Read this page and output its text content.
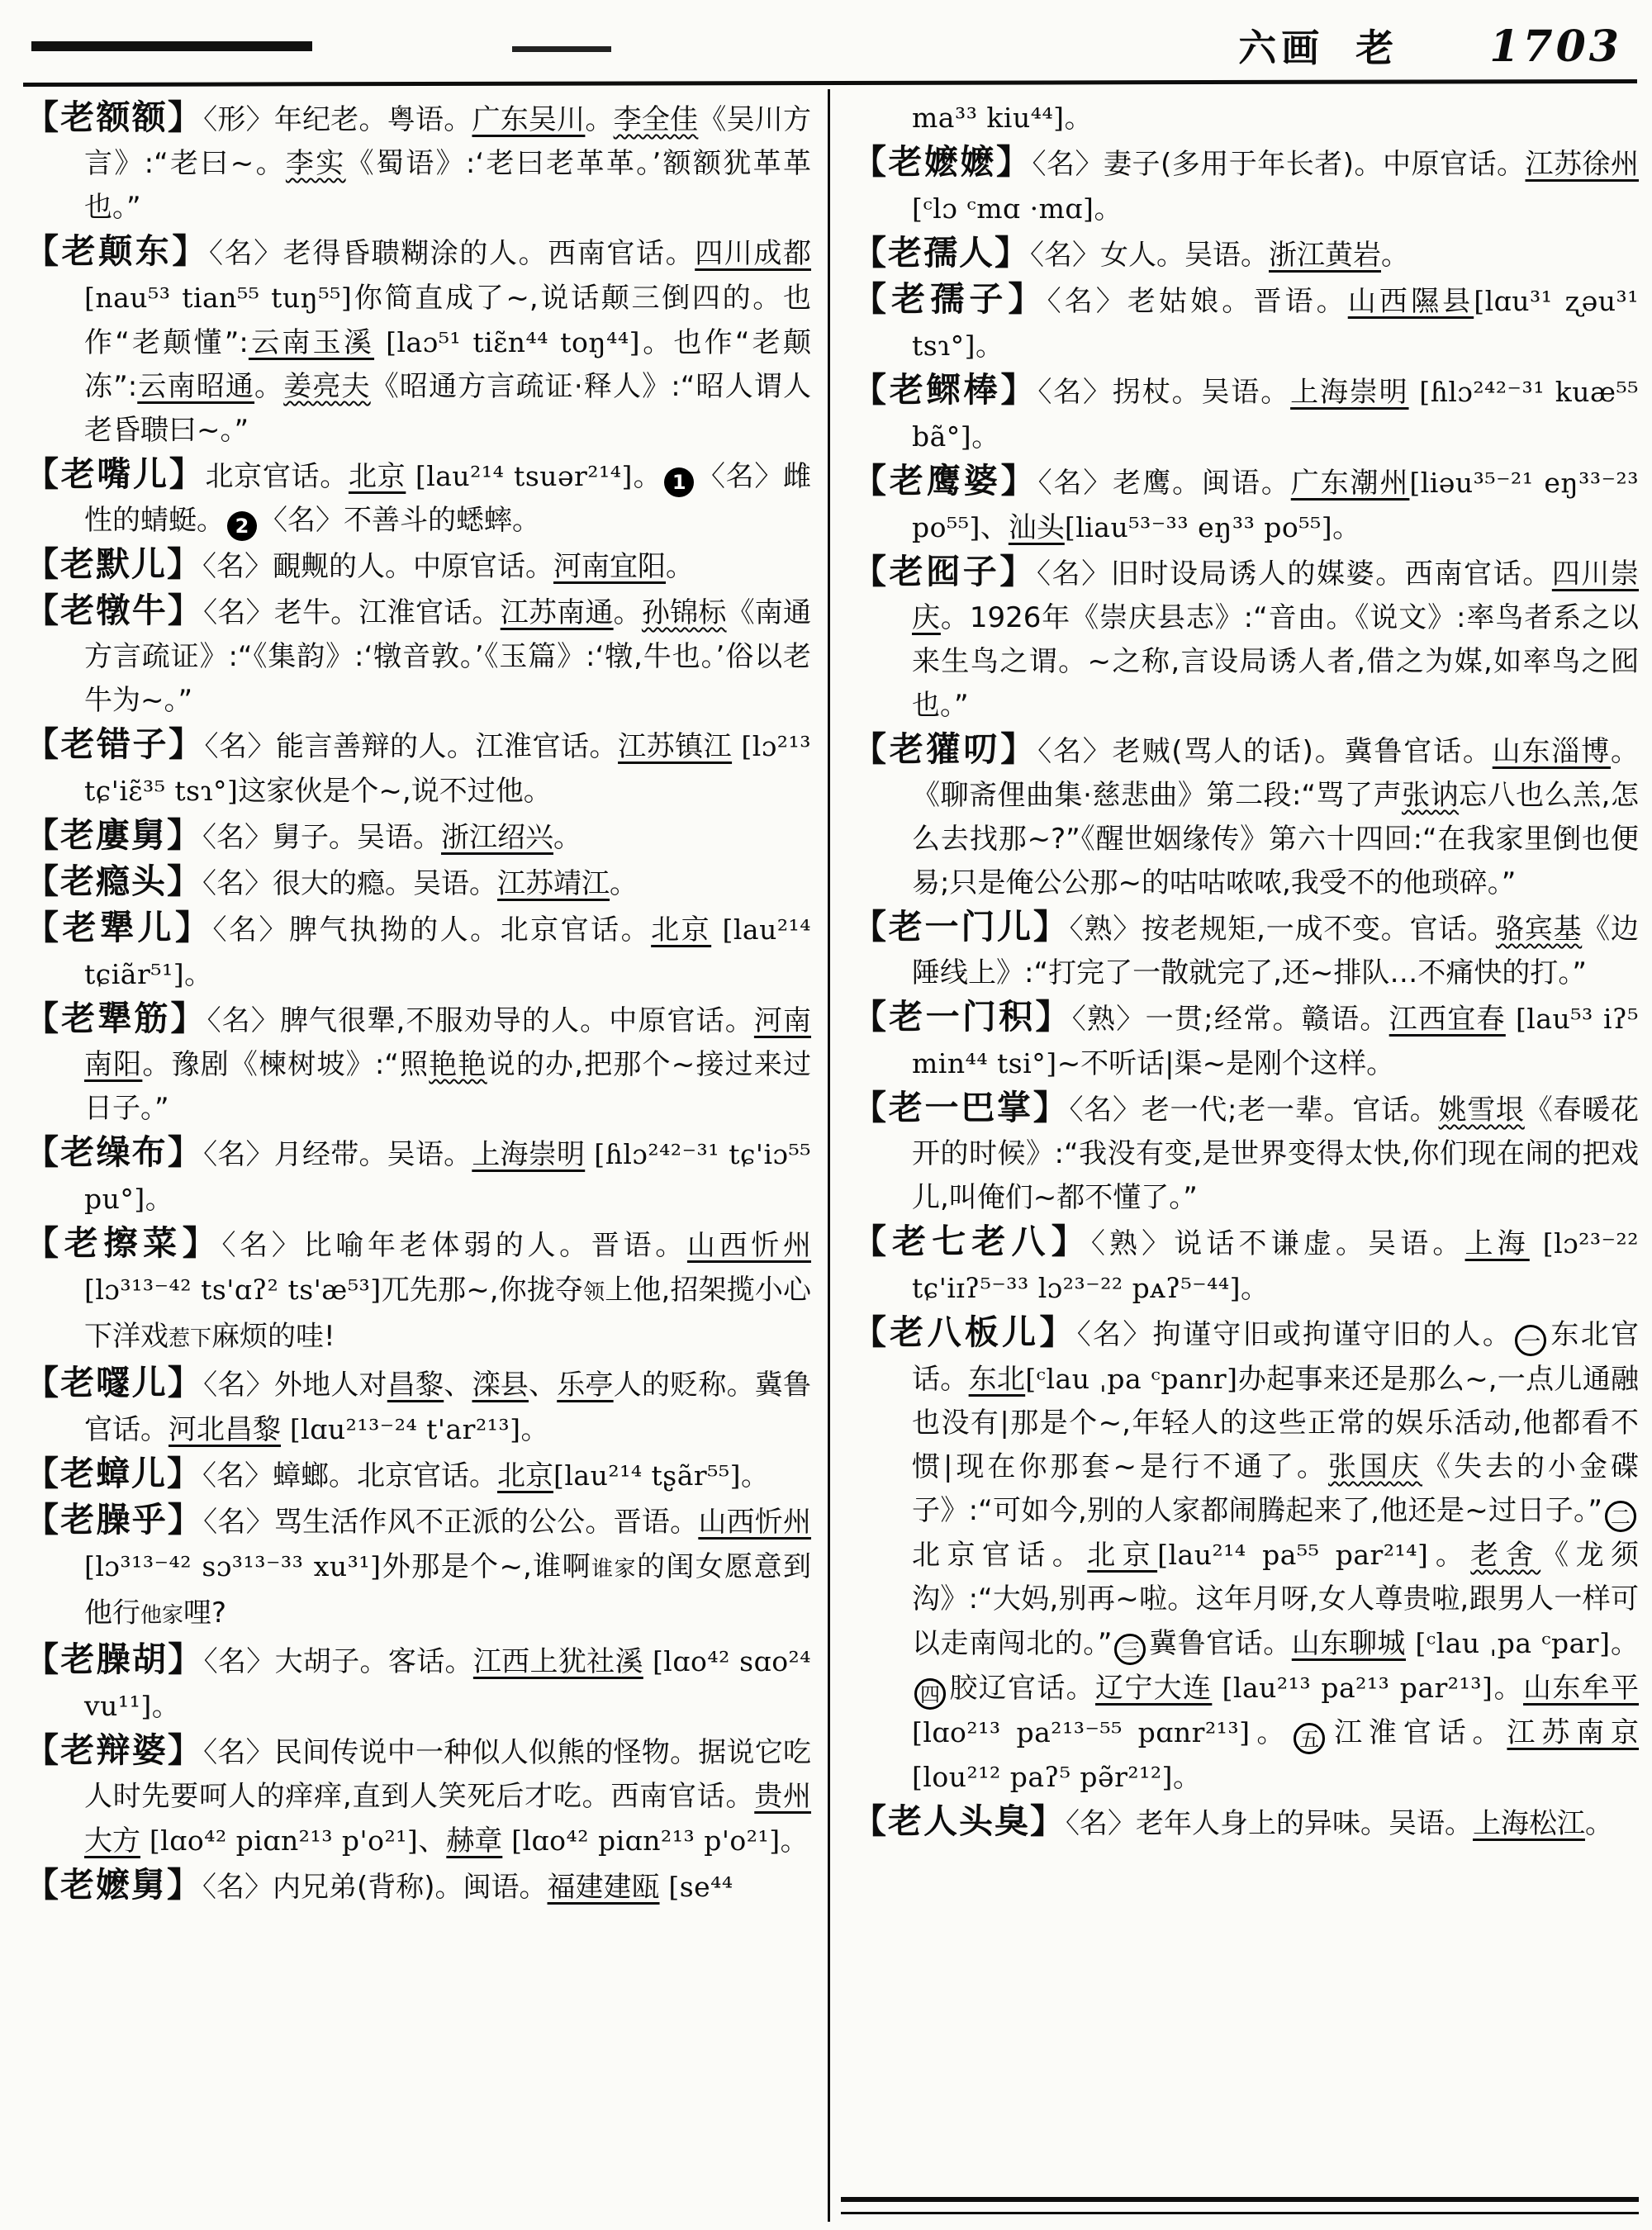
六画 老 1703
【老额额】〈形〉年纪老。粤语。广东吴川。李全佳《吴川方言》:“老曰~。李实《蜀语》:‘老曰老革革。’额额犹革革也。”
【老颠东】〈名〉老得昏聩糊涂的人。西南官话。四川成都 [nau⁵³ tian⁵⁵ tuŋ⁵⁵]你简直成了~,说话颠三倒四的。也作“老颠懂”:云南玉溪 [laɔ⁵¹ tiɛ̃n⁴⁴ toŋ⁴⁴]。也作“老颠冻”:云南昭通。姜亮夫《昭通方言疏证·释人》:“昭人谓人老昏聩曰~。”
【老嘴儿】北京官话。北京 [lau²¹⁴ tsuər²¹⁴]。 1 〈名〉雌性的蜻蜓。 2 〈名〉不善斗的蟋蟀。
【老默儿】〈名〉靦觍的人。中原官话。河南宜阳。
【老犜牛】〈名〉老牛。江淮官话。江苏南通。孙锦标《南通方言疏证》:“《集韵》:‘犜音敦。’《玉篇》:‘犜,牛也。’俗以老牛为~。”
【老错子】〈名〉能言善辩的人。江淮官话。江苏镇江 [lɔ²¹³ tɕ'iɛ̃³⁵ tsɿ°]这家伙是个~,说不过他。
【老廔舅】〈名〉舅子。吴语。浙江绍兴。
【老瘾头】〈名〉很大的瘾。吴语。江苏靖江。
【老犟儿】〈名〉脾气执拗的人。北京官话。北京 [lau²¹⁴ tɕiãr⁵¹]。
【老犟筋】〈名〉脾气很犟,不服劝导的人。中原官话。河南南阳。豫剧《楝树坡》:“照艳艳说的办,把那个~接过来过日子。”
【老缲布】〈名〉月经带。吴语。上海崇明 [ɦlɔ²⁴²⁻³¹ tɕ'iɔ⁵⁵ pu°]。
【老擦菜】〈名〉比喻年老体弱的人。晋语。山西忻州 [lɔ³¹³⁻⁴² ts'ɑʔ² ts'æ⁵³]兀先那~,你拢夺领上他,招架揽小心下洋戏惹下麻烦的哇!
【老嚺儿】〈名〉外地人对昌黎、滦县、乐亭人的贬称。冀鲁官话。河北昌黎 [lɑu²¹³⁻²⁴ t'ar²¹³]。
【老蟑儿】〈名〉蟑螂。北京官话。北京[lau²¹⁴ tʂãr⁵⁵]。
【老臊乎】〈名〉骂生活作风不正派的公公。晋语。山西忻州[lɔ³¹³⁻⁴² sɔ³¹³⁻³³ xu³¹]外那是个~,谁啊谁家的闺女愿意到他行他家哩?
【老臊胡】〈名〉大胡子。客话。江西上犹社溪 [lɑo⁴² sɑo²⁴ vu¹¹]。
【老辩婆】〈名〉民间传说中一种似人似熊的怪物。据说它吃人时先要呵人的痒痒,直到人笑死后才吃。西南官话。贵州大方 [lɑo⁴² piɑn²¹³ p'o²¹]、赫章 [lɑo⁴² piɑn²¹³ p'o²¹]。
【老嬷舅】〈名〉内兄弟(背称)。闽语。福建建瓯 [se⁴⁴
ma³³ kiu⁴⁴]。
【老嬷嬷】〈名〉妻子(多用于年长者)。中原官话。江苏徐州[ᶜlɔ ᶜmɑ ·mɑ]。
【老孺人】〈名〉女人。吴语。浙江黄岩。
【老孺子】〈名〉老姑娘。晋语。山西隰县[lɑu³¹ ʐəu³¹ tsɿ°]。
【老鳏棒】〈名〉拐杖。吴语。上海崇明 [ɦlɔ²⁴²⁻³¹ kuæ⁵⁵ bã°]。
【老鹰婆】〈名〉老鹰。闽语。广东潮州[liəu³⁵⁻²¹ eŋ³³⁻²³ po⁵⁵]、汕头[liau⁵³⁻³³ eŋ³³ po⁵⁵]。
【老囮子】〈名〉旧时设局诱人的媒婆。西南官话。四川崇庆。1926年《崇庆县志》:“音由。《说文》:率鸟者系之以来生鸟之谓。~之称,言设局诱人者,借之为媒,如率鸟之囮也。”
【老獾叨】〈名〉老贼(骂人的话)。冀鲁官话。山东淄博。《聊斋俚曲集·慈悲曲》第二段:“骂了声张讷忘八也么羔,怎么去找那~?”《醒世姻缘传》第六十四回:“在我家里倒也便易;只是俺公公那~的咕咕哝哝,我受不的他琐碎。”
【老一门儿】〈熟〉按老规矩,一成不变。官话。骆宾基《边陲线上》:“打完了一散就完了,还~排队…不痛快的打。”
【老一门积】〈熟〉一贯;经常。赣语。江西宜春 [lau⁵³ iʔ⁵ min⁴⁴ tsi°]~不听话|渠~是刚个这样。
【老一巴掌】〈名〉老一代;老一辈。官话。姚雪垠《春暖花开的时候》:“我没有变,是世界变得太快,你们现在闹的把戏儿,叫俺们~都不懂了。”
【老七老八】〈熟〉说话不谦虚。吴语。上海 [lɔ²³⁻²² tɕ'iɪʔ⁵⁻³³ lɔ²³⁻²² pᴀʔ⁵⁻⁴⁴]。
【老八板儿】〈名〉拘谨守旧或拘谨守旧的人。 一 东北官话。东北[ᶜlau ˌpa ᶜpanr]办起事来还是那么~,一点儿通融也没有|那是个~,年轻人的这些正常的娱乐活动,他都看不惯|现在你那套~是行不通了。张国庆《失去的小金碟子》:“可如今,别的人家都闹腾起来了,他还是~过日子。” 二北京官话。北京[lau²¹⁴ pa⁵⁵ par²¹⁴]。老舍《龙须沟》:“大妈,别再~啦。这年月呀,女人尊贵啦,跟男人一样可以走南闯北的。” 三 冀鲁官话。山东聊城 [ᶜlau ˌpa ᶜpar]。四 胶辽官话。辽宁大连 [lau²¹³ pa²¹³ par²¹³]。山东牟平[lɑo²¹³ pa²¹³⁻⁵⁵ pɑnr²¹³]。 五 江淮官话。江苏南京 [lou²¹² paʔ⁵ pə̃r²¹²]。
【老人头臭】〈名〉老年人身上的异味。吴语。上海松江。
